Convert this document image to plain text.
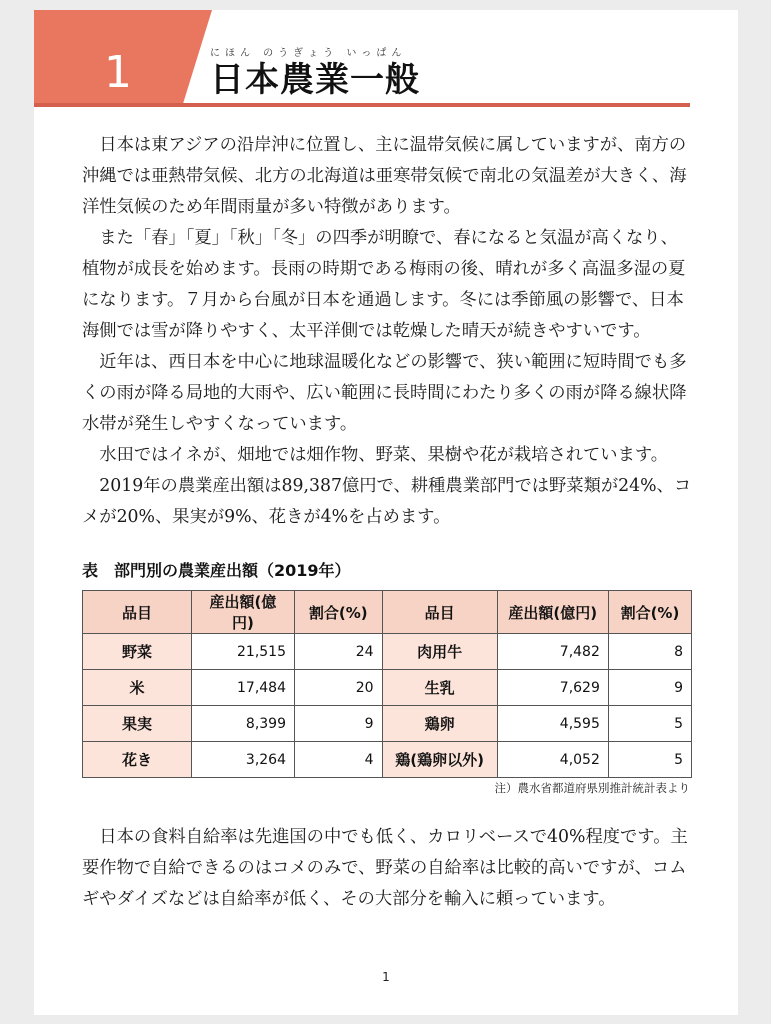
1	にほん のうぎょう いっぱん
日本農業一般

日本は東アジアの沿岸沖に位置し、主に温帯気候に属していますが、南方の沖縄では亜熱帯気候、北方の北海道は亜寒帯気候で南北の気温差が大きく、海洋性気候のため年間雨量が多い特徴があります。

また「春」「夏」「秋」「冬」の四季が明瞭で、春になると気温が高くなり、植物が成長を始めます。長雨の時期である梅雨の後、晴れが多く高温多湿の夏になります。７月から台風が日本を通過します。冬には季節風の影響で、日本海側では雪が降りやすく、太平洋側では乾燥した晴天が続きやすいです。

近年は、西日本を中心に地球温暖化などの影響で、狭い範囲に短時間でも多くの雨が降る局地的大雨や、広い範囲に長時間にわたり多くの雨が降る線状降水帯が発生しやすくなっています。

水田ではイネが、畑地では畑作物、野菜、果樹や花が栽培されています。

2019年の農業産出額は89,387億円で、耕種農業部門では野菜類が24%、コメが20%、果実が9%、花きが4%を占めます。

表　部門別の農業産出額（2019年）
品目	産出額(億円)	割合(%)	品目	産出額(億円)	割合(%)
野菜	21,515	24	肉用牛	7,482	8
米	17,484	20	生乳	7,629	9
果実	8,399	9	鶏卵	4,595	5
花き	3,264	4	鶏(鶏卵以外)	4,052	5
注）農水省都道府県別推計統計表より

日本の食料自給率は先進国の中でも低く、カロリベースで40%程度です。主要作物で自給できるのはコメのみで、野菜の自給率は比較的高いですが、コムギやダイズなどは自給率が低く、その大部分を輸入に頼っています。

1
